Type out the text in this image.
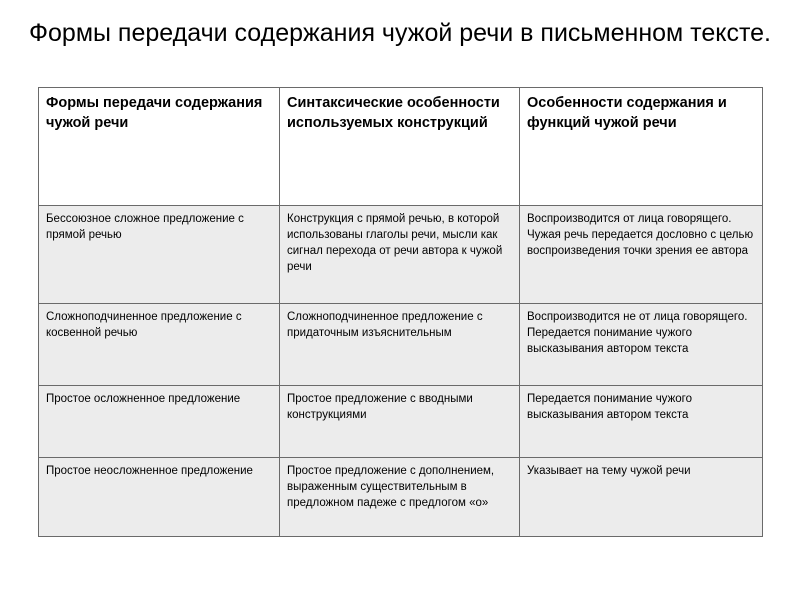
Формы передачи содержания чужой речи в письменном тексте.
Формы передачи содержания чужой речи	Синтаксические особенности используемых конструкций	Особенности содержания и функций чужой речи
Бессоюзное сложное предложение с прямой речью	Конструкция с прямой речью, в которой использованы глаголы речи, мысли как сигнал перехода от речи автора к чужой речи	Воспроизводится от лица говорящего. Чужая речь передается дословно с целью воспроизведения точки зрения ее автора
Сложноподчиненное предложение с косвенной речью	Сложноподчиненное предложение с придаточным изъяснительным	Воспроизводится не от лица говорящего. Передается понимание чужого высказывания автором текста
Простое осложненное предложение	Простое предложение с вводными конструкциями	Передается понимание чужого высказывания автором текста
Простое неосложненное предложение	Простое предложение с дополнением, выраженным существительным в предложном падеже с предлогом «о»	Указывает на тему чужой речи
